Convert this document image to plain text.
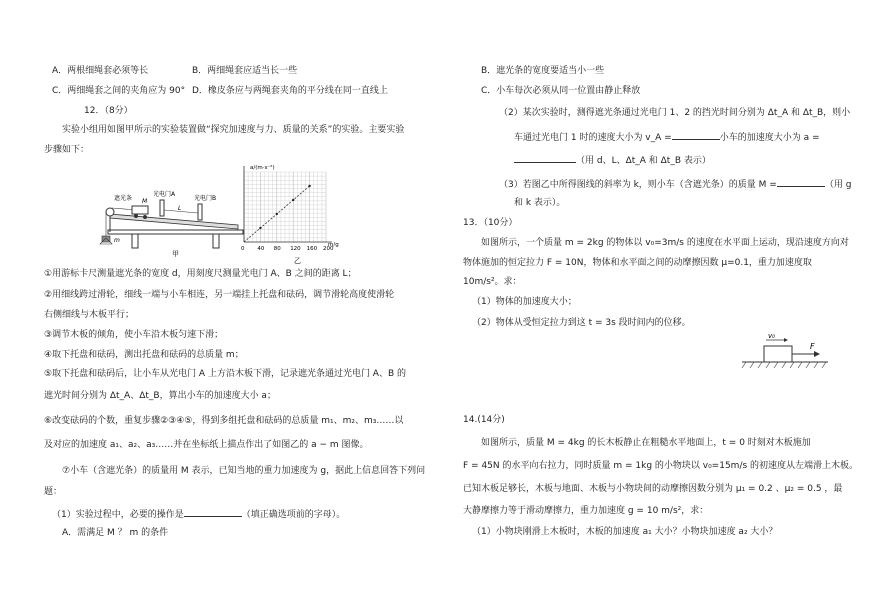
A．两根细绳套必须等长	B．两细绳套应适当长一些
C．两细绳套之间的夹角应为 90° D．橡皮条应与两绳套夹角的平分线在同一直线上
12．（8分）
实验小组用如图甲所示的实验装置做“探究加速度与力、质量的关系”的实验。主要实验
步骤如下：
遮光条 M
光电门A
光电门B
L
m
甲
0 40 80 120 160 200
a/(m·s⁻²)
m/g
乙
①用游标卡尺测量遮光条的宽度 d，用刻度尺测量光电门 A、B 之间的距离 L；
②用细线跨过滑轮，细线一端与小车相连，另一端挂上托盘和砝码，调节滑轮高度使滑轮
右侧细线与木板平行；
③调节木板的倾角，使小车沿木板匀速下滑；
④取下托盘和砝码，测出托盘和砝码的总质量 m；
⑤取下托盘和砝码后，让小车从光电门 A 上方沿木板下滑，记录遮光条通过光电门 A、B 的
遮光时间分别为 Δt_A、Δt_B，算出小车的加速度大小 a；
⑥改变砝码的个数，重复步骤②③④⑤，得到多组托盘和砝码的总质量 m₁、m₂、m₃……以
及对应的加速度 a₁、a₂、a₃……并在坐标纸上描点作出了如图乙的 a − m 图像。
⑦小车（含遮光条）的质量用 M 表示，已知当地的重力加速度为 g，据此上信息回答下列问
题：
（1）实验过程中，必要的操作是	（填正确选项前的字母）。
A．需满足 M ？ m 的条件
B．遮光条的宽度要适当小一些
C．小车每次必须从同一位置由静止释放
（2）某次实验时，测得遮光条通过光电门 1、2 的挡光时间分别为 Δt_A 和 Δt_B，则小
车通过光电门 1 时的速度大小为 v_A =	小车的加速度大小为 a =
（用 d、L、Δt_A 和 Δt_B 表示）
（3）若图乙中所得图线的斜率为 k，则小车（含遮光条）的质量 M =	（用 g
和 k 表示）。
13．（10分）
如图所示，一个质量 m = 2kg 的物体以 v₀=3m/s 的速度在水平面上运动，现沿速度方向对
物体施加的恒定拉力 F = 10N，物体和水平面之间的动摩擦因数 μ=0.1，重力加速度取
10m/s²。求：
（1）物体的加速度大小；
（2）物体从受恒定拉力到这 t = 3s 段时间内的位移。
v₀
F
14.(14分)
如图所示，质量 M = 4kg 的长木板静止在粗糙水平地面上，t = 0 时刻对木板施加
F = 45N 的水平向右拉力，同时质量 m = 1kg 的小物块以 v₀=15m/s 的初速度从左端滑上木板。
已知木板足够长，木板与地面、木板与小物块间的动摩擦因数分别为 μ₁ = 0.2 、μ₂ = 0.5 ，最
大静摩擦力等于滑动摩擦力，重力加速度 g = 10 m/s²，求：
（1）小物块刚滑上木板时，木板的加速度 a₁ 大小？小物块加速度 a₂ 大小？
